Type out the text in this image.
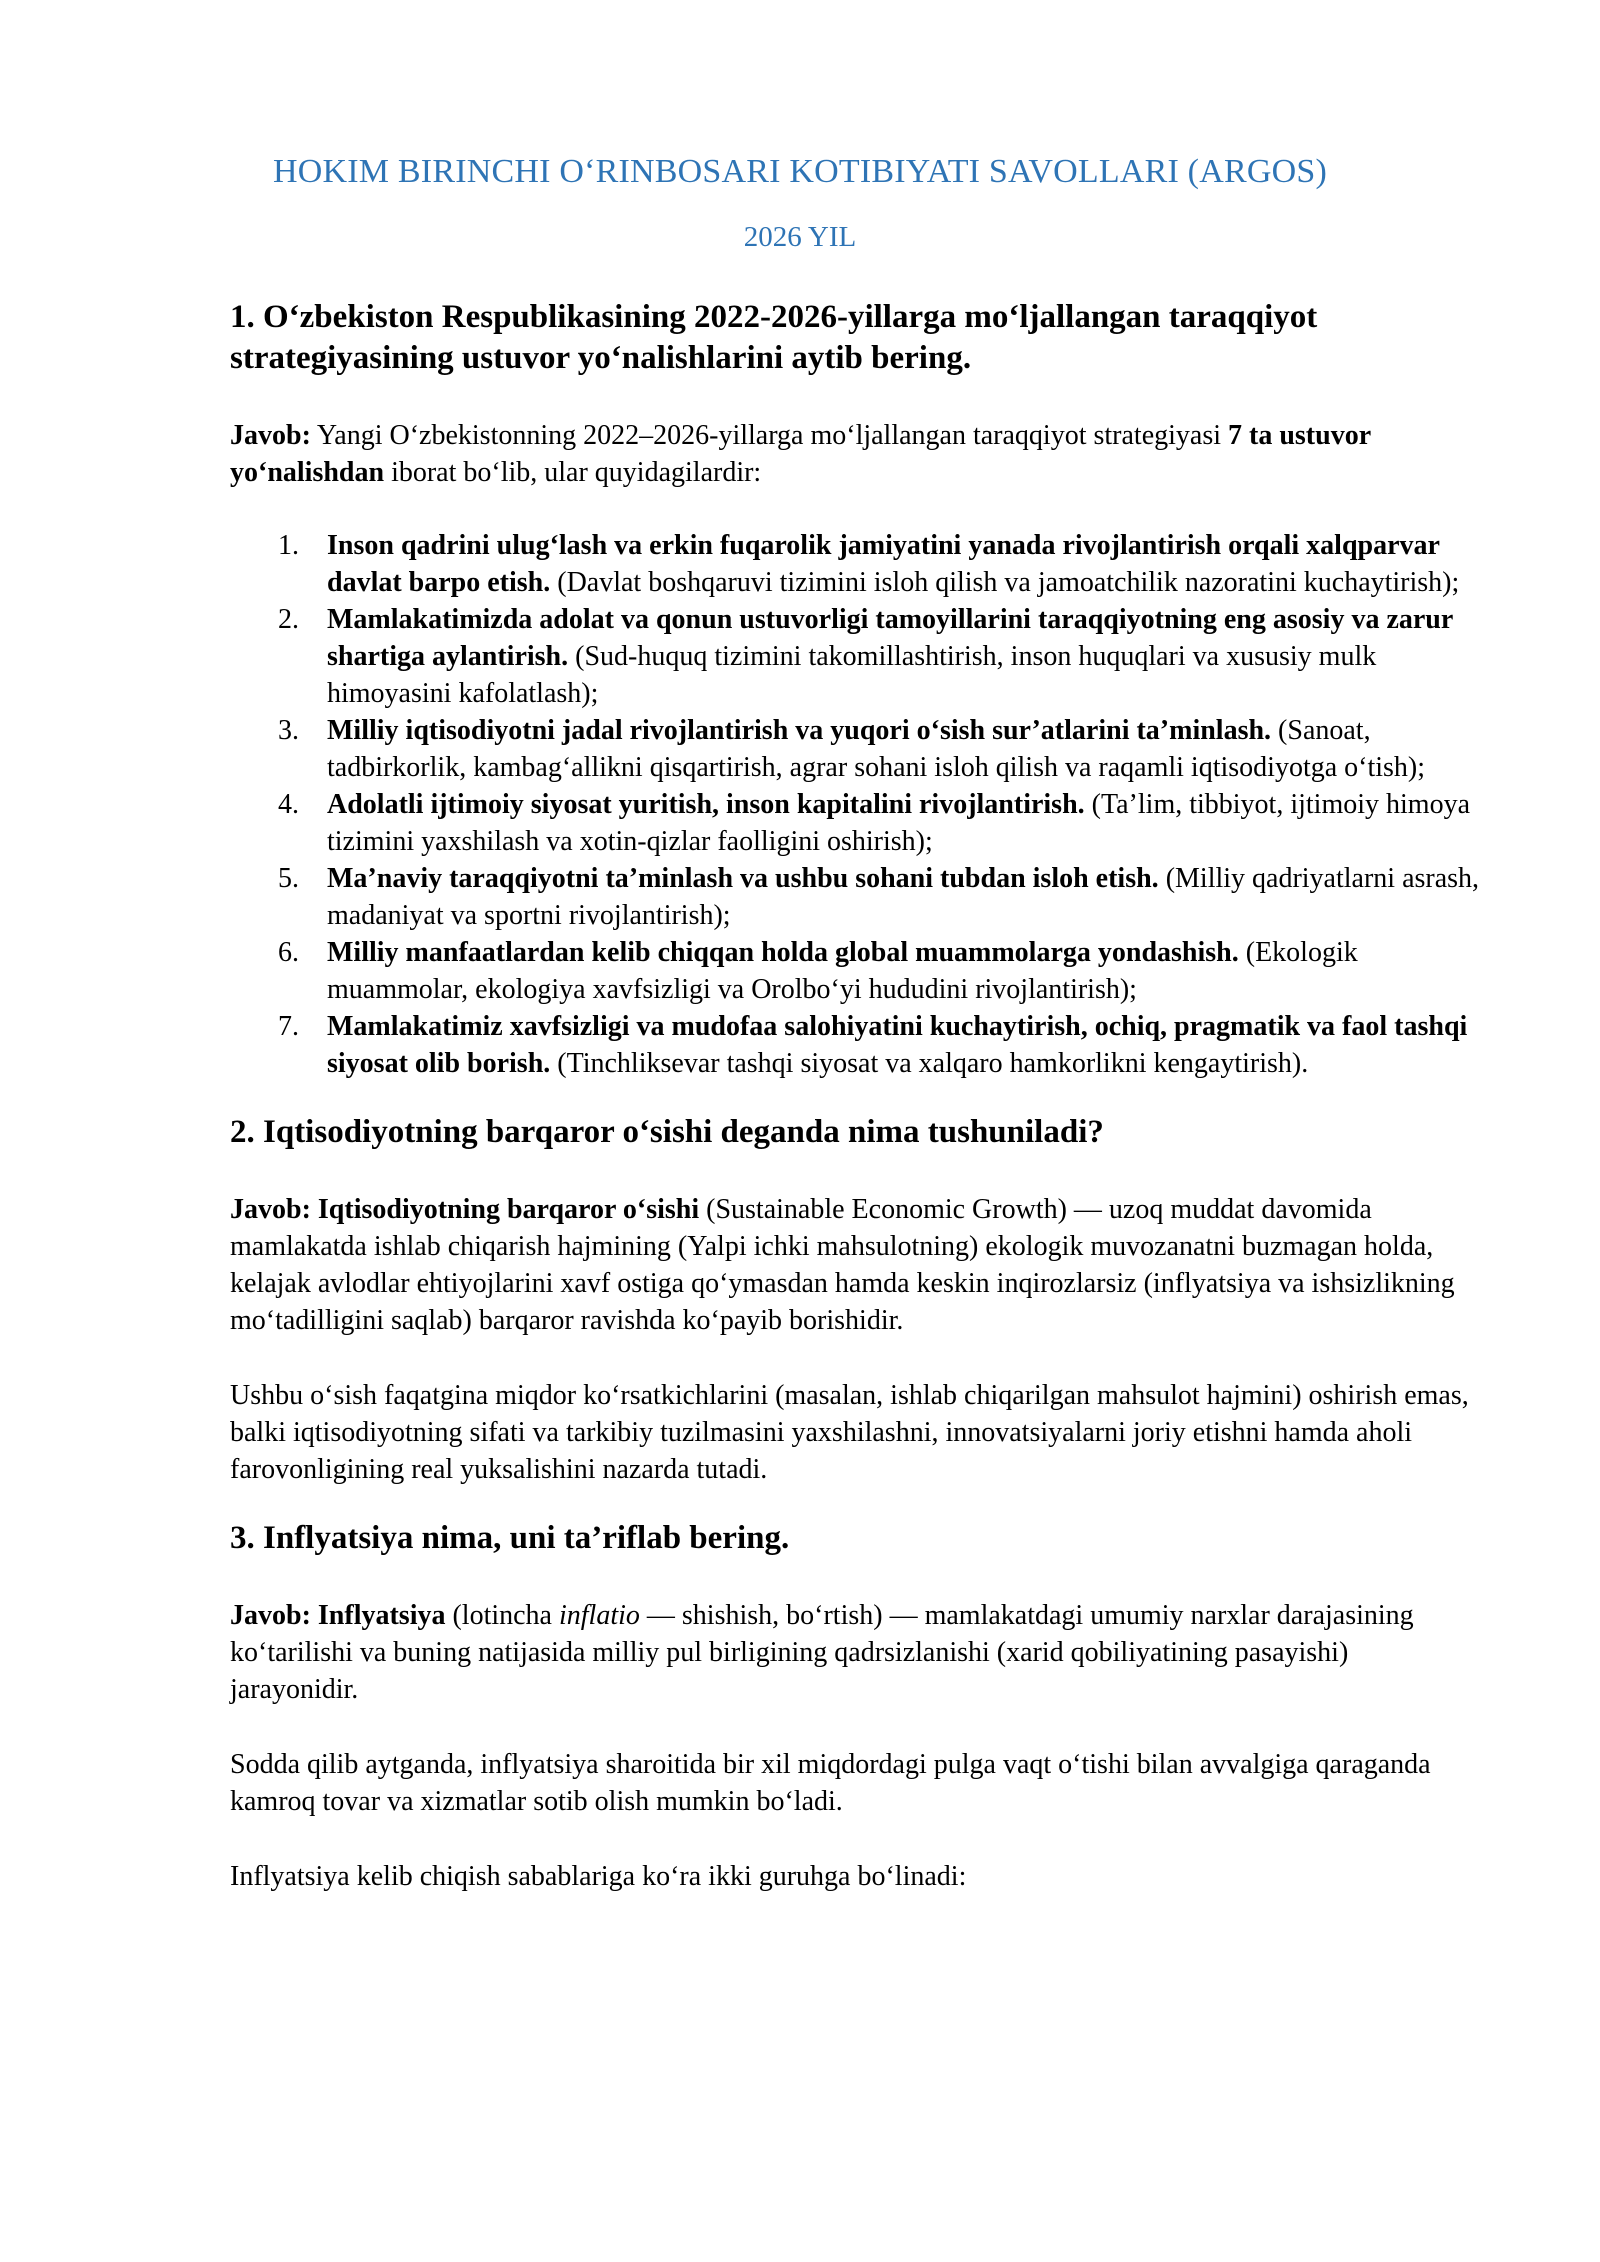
HOKIM BIRINCHI O‘RINBOSARI KOTIBIYATI SAVOLLARI (ARGOS)
2026 YIL

1. O‘zbekiston Respublikasining 2022-2026-yillarga mo‘ljallangan taraqqiyot strategiyasining ustuvor yo‘nalishlarini aytib bering.

Javob: Yangi O‘zbekistonning 2022–2026-yillarga mo‘ljallangan taraqqiyot strategiyasi 7 ta ustuvor yo‘nalishdan iborat bo‘lib, ular quyidagilardir:

1. Inson qadrini ulug‘lash va erkin fuqarolik jamiyatini yanada rivojlantirish orqali xalqparvar davlat barpo etish. (Davlat boshqaruvi tizimini isloh qilish va jamoatchilik nazoratini kuchaytirish);
2. Mamlakatimizda adolat va qonun ustuvorligi tamoyillarini taraqqiyotning eng asosiy va zarur shartiga aylantirish. (Sud-huquq tizimini takomillashtirish, inson huquqlari va xususiy mulk himoyasini kafolatlash);
3. Milliy iqtisodiyotni jadal rivojlantirish va yuqori o‘sish sur’atlarini ta’minlash. (Sanoat, tadbirkorlik, kambag‘allikni qisqartirish, agrar sohani isloh qilish va raqamli iqtisodiyotga o‘tish);
4. Adolatli ijtimoiy siyosat yuritish, inson kapitalini rivojlantirish. (Ta’lim, tibbiyot, ijtimoiy himoya tizimini yaxshilash va xotin-qizlar faolligini oshirish);
5. Ma’naviy taraqqiyotni ta’minlash va ushbu sohani tubdan isloh etish. (Milliy qadriyatlarni asrash, madaniyat va sportni rivojlantirish);
6. Milliy manfaatlardan kelib chiqqan holda global muammolarga yondashish. (Ekologik muammolar, ekologiya xavfsizligi va Orolbo‘yi hududini rivojlantirish);
7. Mamlakatimiz xavfsizligi va mudofaa salohiyatini kuchaytirish, ochiq, pragmatik va faol tashqi siyosat olib borish. (Tinchliksevar tashqi siyosat va xalqaro hamkorlikni kengaytirish).

2. Iqtisodiyotning barqaror o‘sishi deganda nima tushuniladi?

Javob: Iqtisodiyotning barqaror o‘sishi (Sustainable Economic Growth) — uzoq muddat davomida mamlakatda ishlab chiqarish hajmining (Yalpi ichki mahsulotning) ekologik muvozanatni buzmagan holda, kelajak avlodlar ehtiyojlarini xavf ostiga qo‘ymasdan hamda keskin inqirozlarsiz (inflyatsiya va ishsizlikning mo‘tadilligini saqlab) barqaror ravishda ko‘payib borishidir.

Ushbu o‘sish faqatgina miqdor ko‘rsatkichlarini (masalan, ishlab chiqarilgan mahsulot hajmini) oshirish emas, balki iqtisodiyotning sifati va tarkibiy tuzilmasini yaxshilashni, innovatsiyalarni joriy etishni hamda aholi farovonligining real yuksalishini nazarda tutadi.

3. Inflyatsiya nima, uni ta’riflab bering.

Javob: Inflyatsiya (lotincha inflatio — shishish, bo‘rtish) — mamlakatdagi umumiy narxlar darajasining ko‘tarilishi va buning natijasida milliy pul birligining qadrsizlanishi (xarid qobiliyatining pasayishi) jarayonidir.

Sodda qilib aytganda, inflyatsiya sharoitida bir xil miqdordagi pulga vaqt o‘tishi bilan avvalgiga qaraganda kamroq tovar va xizmatlar sotib olish mumkin bo‘ladi.

Inflyatsiya kelib chiqish sabablariga ko‘ra ikki guruhga bo‘linadi:
